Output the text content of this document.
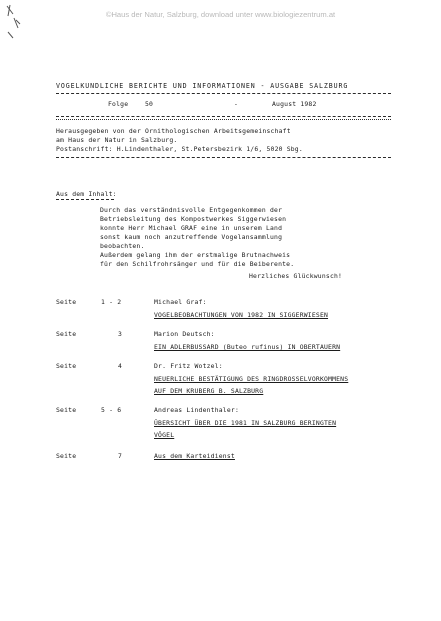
©Haus der Natur, Salzburg, download unter www.biologiezentrum.at
VOGELKUNDLICHE BERICHTE UND INFORMATIONEN - AUSGABE SALZBURG
Folge	50	-	August 1982
Herausgegeben von der Ornithologischen Arbeitsgemeinschaft
am Haus der Natur in Salzburg.
Postanschrift: H.Lindenthaler, St.Petersbezirk 1/6, 5020 Sbg.
Aus dem Inhalt:
Durch das verständnisvolle Entgegenkommen der
Betriebsleitung des Kompostwerkes Siggerwiesen
konnte Herr Michael GRAF eine in unserem Land
sonst kaum noch anzutreffende Vogelansammlung
beobachten.
Außerdem gelang ihm der erstmalige Brutnachweis
für den Schilfrohrsänger und für die Beiberente.
Herzliches Glückwunsch!
Seite	1 - 2	Michael Graf:
VOGELBEOBACHTUNGEN VON 1982 IN SIGGERWIESEN
Seite	3	Marion Deutsch:
EIN ADLERBUSSARD (Buteo rufinus) IN OBERTAUERN
Seite	4	Dr. Fritz Wotzel:
NEUERLICHE BESTÄTIGUNG DES RINGDROSSELVORKOMMENS
AUF DEM KRUBERG B. SALZBURG
Seite	5 - 6	Andreas Lindenthaler:
ÜBERSICHT ÜBER DIE 1981 IN SALZBURG BERINGTEN
VÖGEL
Seite	7	Aus dem Karteidienst
